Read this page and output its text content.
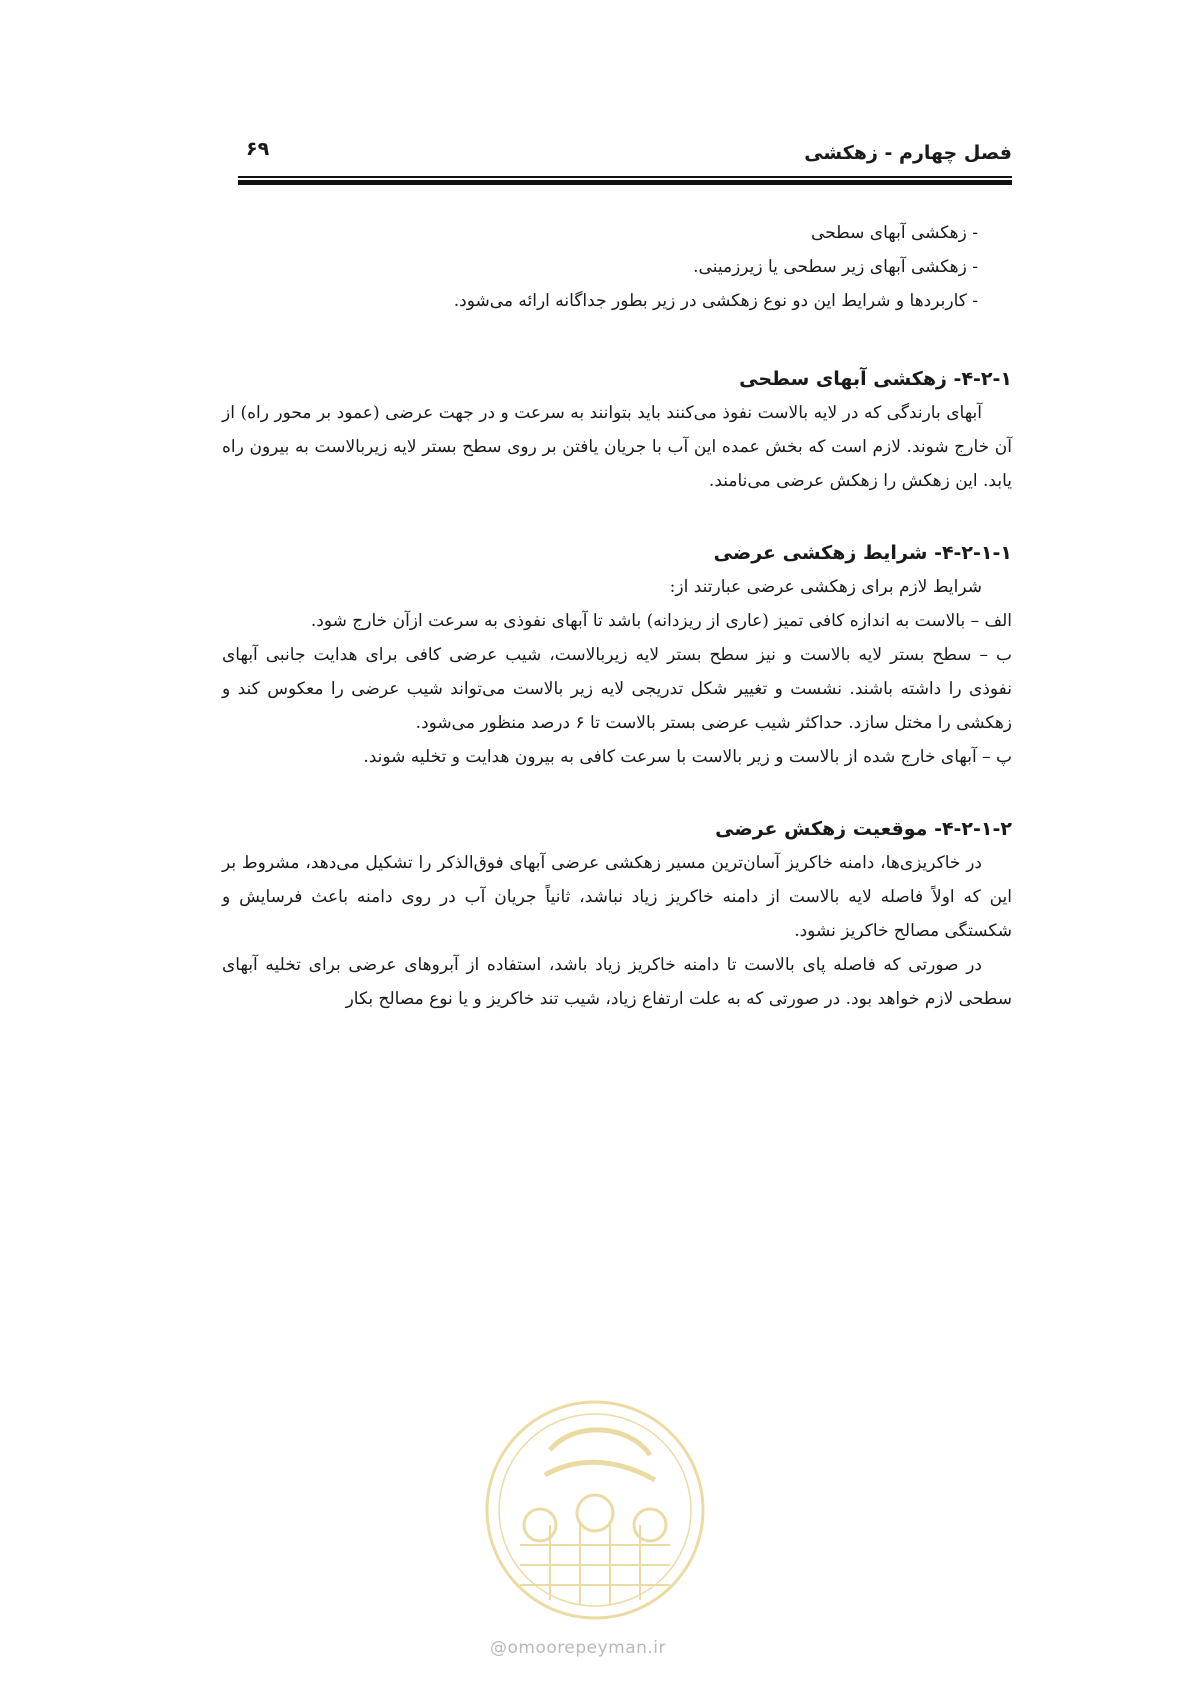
۶۹	فصل چهارم - زهکشی

- زهکشی آبهای سطحی

- زهکشی آبهای زیر سطحی یا زیرزمینی.

- کاربردها و شرایط این دو نوع زهکشی در زیر بطور جداگانه ارائه می‌شود.

۴-۲-۱- زهکشی آبهای سطحی

آبهای بارندگی که در لایه بالاست نفوذ می‌کنند باید بتوانند به سرعت و در جهت عرضی (عمود بر محور راه) از آن خارج شوند. لازم است که بخش عمده این آب با جریان یافتن بر روی سطح بستر لایه زیربالاست به بیرون راه یابد. این زهکش را زهکش عرضی می‌نامند.

۴-۲-۱-۱- شرایط زهکشی عرضی

شرایط لازم برای زهکشی عرضی عبارتند از:

الف – بالاست به اندازه کافی تمیز (عاری از ریزدانه) باشد تا آبهای نفوذی به سرعت ازآن خارج شود.

ب – سطح بستر لایه بالاست و نیز سطح بستر لایه زیربالاست، شیب عرضی کافی برای هدایت جانبی آبهای نفوذی را داشته باشند. نشست و تغییر شکل تدریجی لایه زیر بالاست می‌تواند شیب عرضی را معکوس کند و زهکشی را مختل سازد. حداکثر شیب عرضی بستر بالاست تا ۶ درصد منظور می‌شود.

پ – آبهای خارج شده از بالاست و زیر بالاست با سرعت کافی به بیرون هدایت و تخلیه شوند.

۴-۲-۱-۲- موقعیت زهکش عرضی

در خاکریزی‌ها، دامنه خاکریز آسان‌ترین مسیر زهکشی عرضی آبهای فوق‌الذکر را تشکیل می‌دهد، مشروط بر این که اولاً فاصله لایه بالاست از دامنه خاکریز زیاد نباشد، ثانیاً جریان آب در روی دامنه باعث فرسایش و شکستگی مصالح خاکریز نشود.

در صورتی که فاصله پای بالاست تا دامنه خاکریز زیاد باشد، استفاده از آبروهای عرضی برای تخلیه آبهای سطحی لازم خواهد بود. در صورتی که به علت ارتفاع زیاد، شیب تند خاکریز و یا نوع مصالح بکار

@omoorepeyman.ir
